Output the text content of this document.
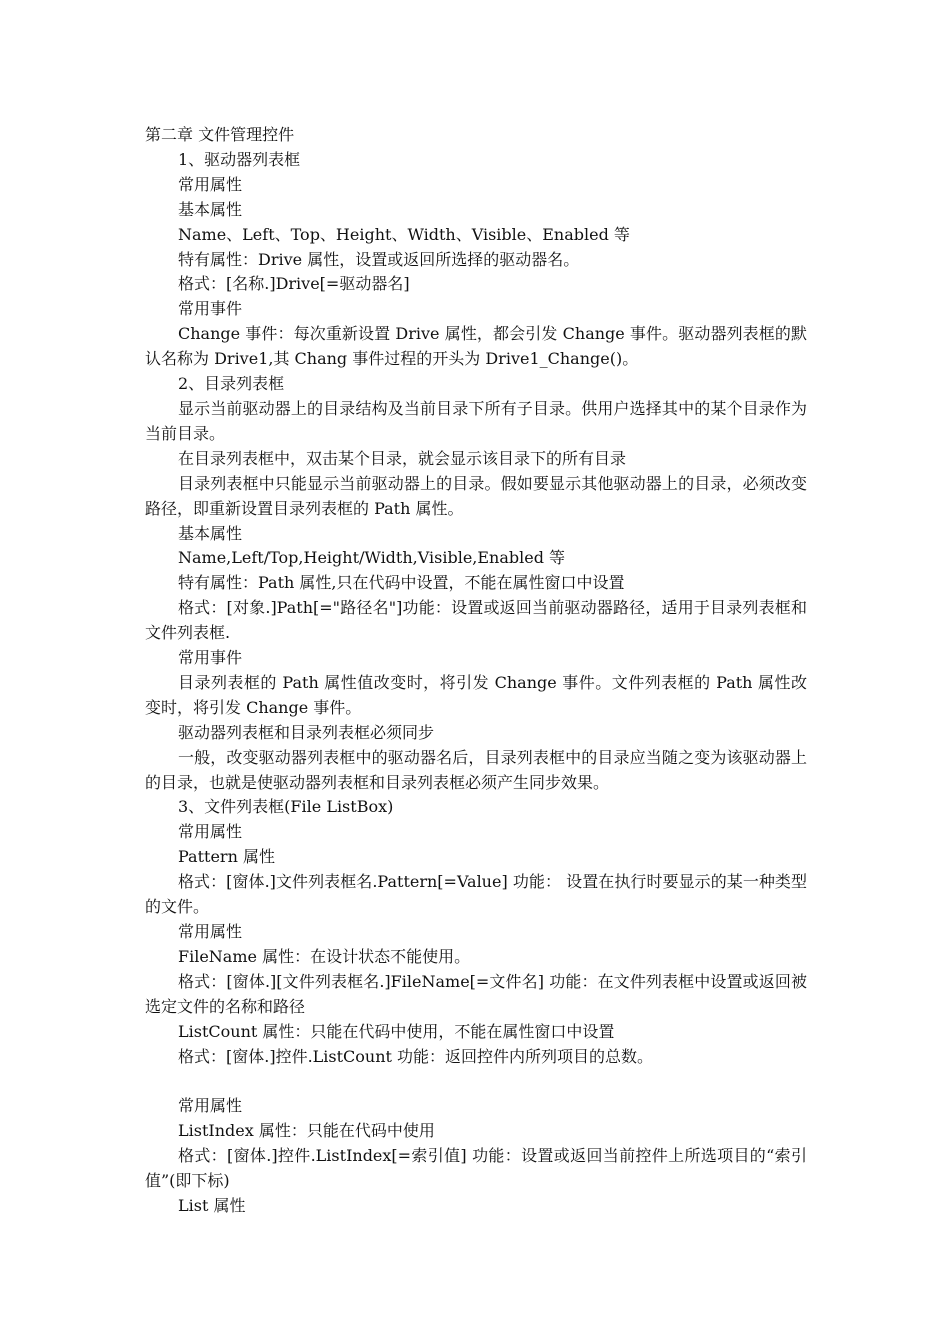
第二章 文件管理控件

1、驱动器列表框

常用属性

基本属性

Name、Left、Top、Height、Width、Visible、Enabled 等

特有属性：Drive 属性，设置或返回所选择的驱动器名。

格式：[名称.]Drive[=驱动器名]

常用事件

Change 事件：每次重新设置 Drive 属性，都会引发 Change 事件。驱动器列表框的默认名称为 Drive1,其 Chang 事件过程的开头为 Drive1_Change()。

2、目录列表框

显示当前驱动器上的目录结构及当前目录下所有子目录。供用户选择其中的某个目录作为当前目录。

在目录列表框中，双击某个目录，就会显示该目录下的所有目录

目录列表框中只能显示当前驱动器上的目录。假如要显示其他驱动器上的目录，必须改变路径，即重新设置目录列表框的 Path 属性。

基本属性

Name,Left/Top,Height/Width,Visible,Enabled 等

特有属性：Path 属性,只在代码中设置，不能在属性窗口中设置

格式：[对象.]Path[="路径名"]功能：设置或返回当前驱动器路径，适用于目录列表框和文件列表框.

常用事件

目录列表框的 Path 属性值改变时，将引发 Change 事件。文件列表框的 Path 属性改变时，将引发 Change 事件。

驱动器列表框和目录列表框必须同步

一般，改变驱动器列表框中的驱动器名后，目录列表框中的目录应当随之变为该驱动器上的目录，也就是使驱动器列表框和目录列表框必须产生同步效果。

3、文件列表框(File ListBox)

常用属性

Pattern 属性

格式：[窗体.]文件列表框名.Pattern[=Value] 功能： 设置在执行时要显示的某一种类型的文件。

常用属性

FileName 属性：在设计状态不能使用。

格式：[窗体.][文件列表框名.]FileName[=文件名] 功能：在文件列表框中设置或返回被选定文件的名称和路径

ListCount 属性：只能在代码中使用，不能在属性窗口中设置

格式：[窗体.]控件.ListCount 功能：返回控件内所列项目的总数。

常用属性

ListIndex 属性：只能在代码中使用

格式：[窗体.]控件.ListIndex[=索引值] 功能：设置或返回当前控件上所选项目的“索引值”(即下标)

List 属性
